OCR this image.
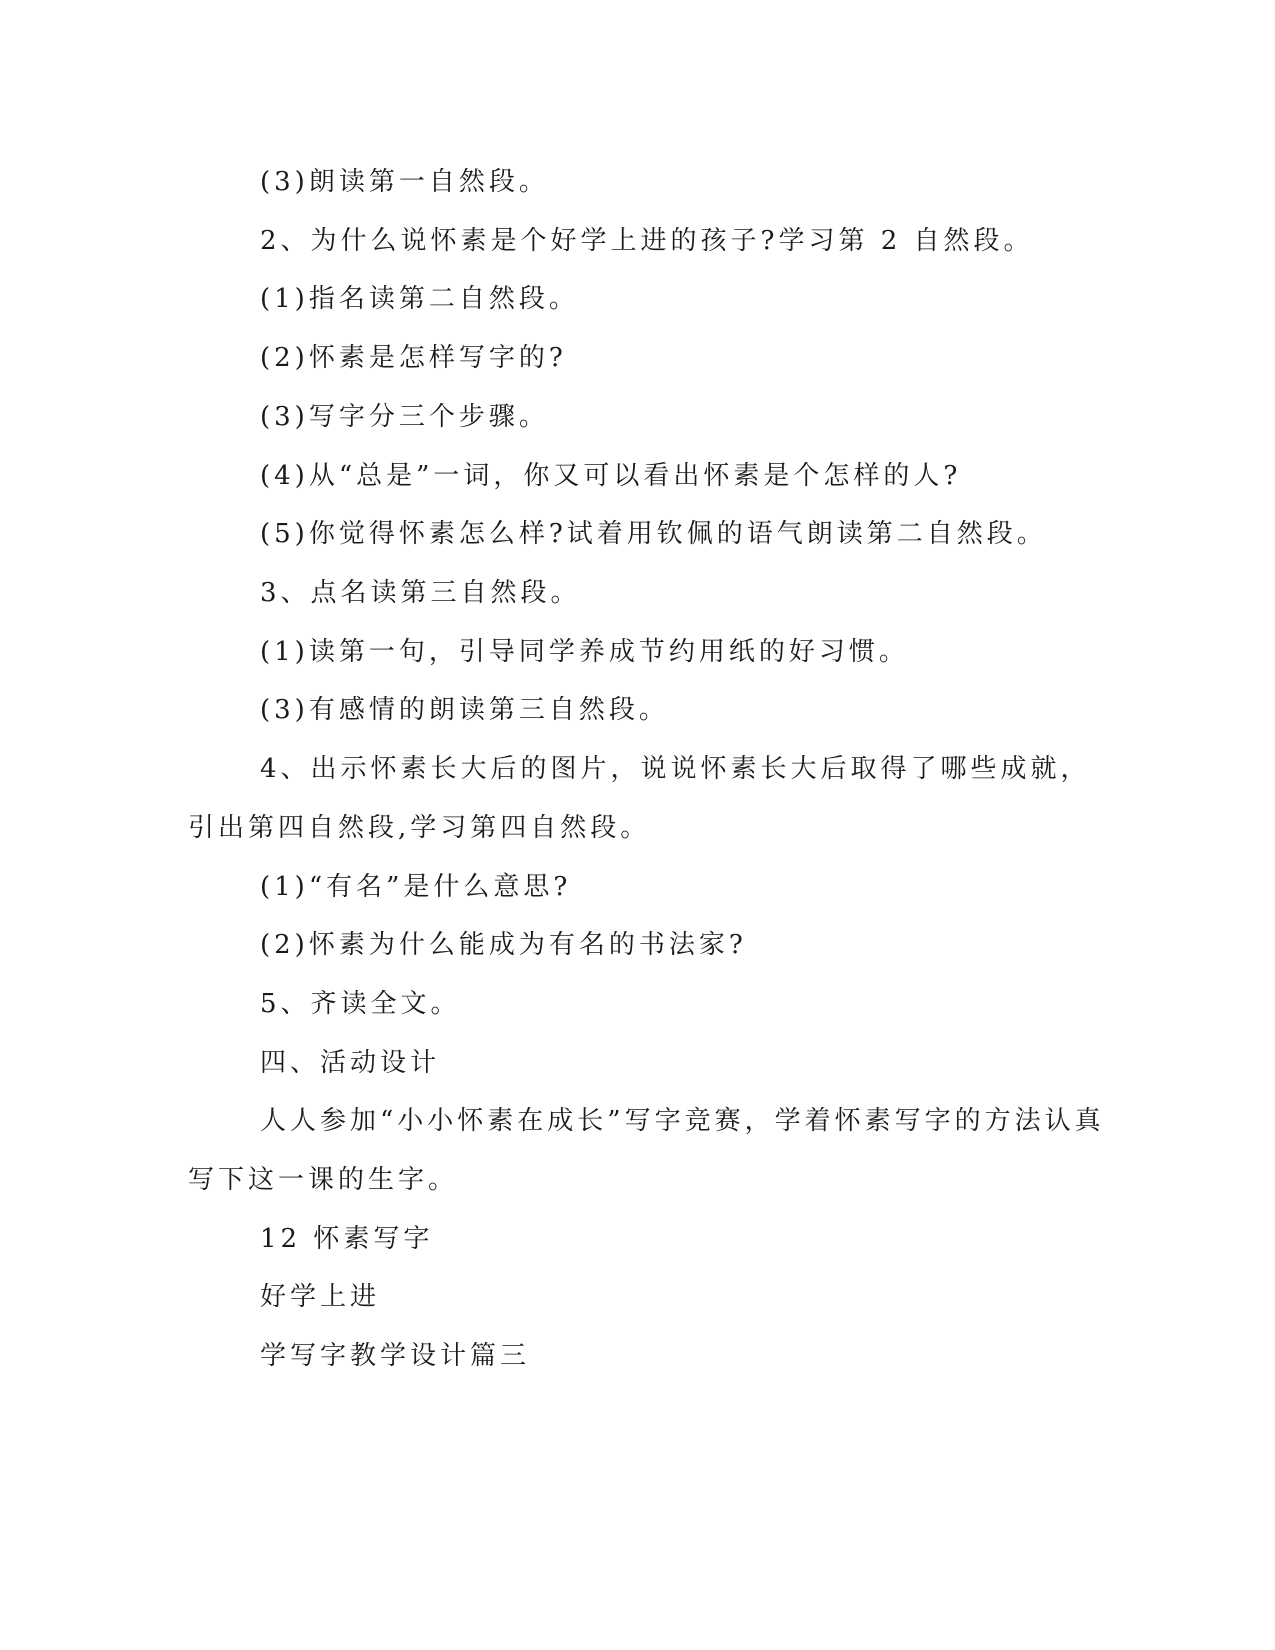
(3)朗读第一自然段。
2、为什么说怀素是个好学上进的孩子?学习第 2 自然段。
(1)指名读第二自然段。
(2)怀素是怎样写字的?
(3)写字分三个步骤。
(4)从“总是”一词，你又可以看出怀素是个怎样的人?
(5)你觉得怀素怎么样?试着用钦佩的语气朗读第二自然段。
3、点名读第三自然段。
(1)读第一句，引导同学养成节约用纸的好习惯。
(3)有感情的朗读第三自然段。
4、出示怀素长大后的图片，说说怀素长大后取得了哪些成就，
引出第四自然段,学习第四自然段。
(1)“有名”是什么意思?
(2)怀素为什么能成为有名的书法家?
5、齐读全文。
四、活动设计
人人参加“小小怀素在成长”写字竞赛，学着怀素写字的方法认真
写下这一课的生字。
12 怀素写字
好学上进
学写字教学设计篇三
